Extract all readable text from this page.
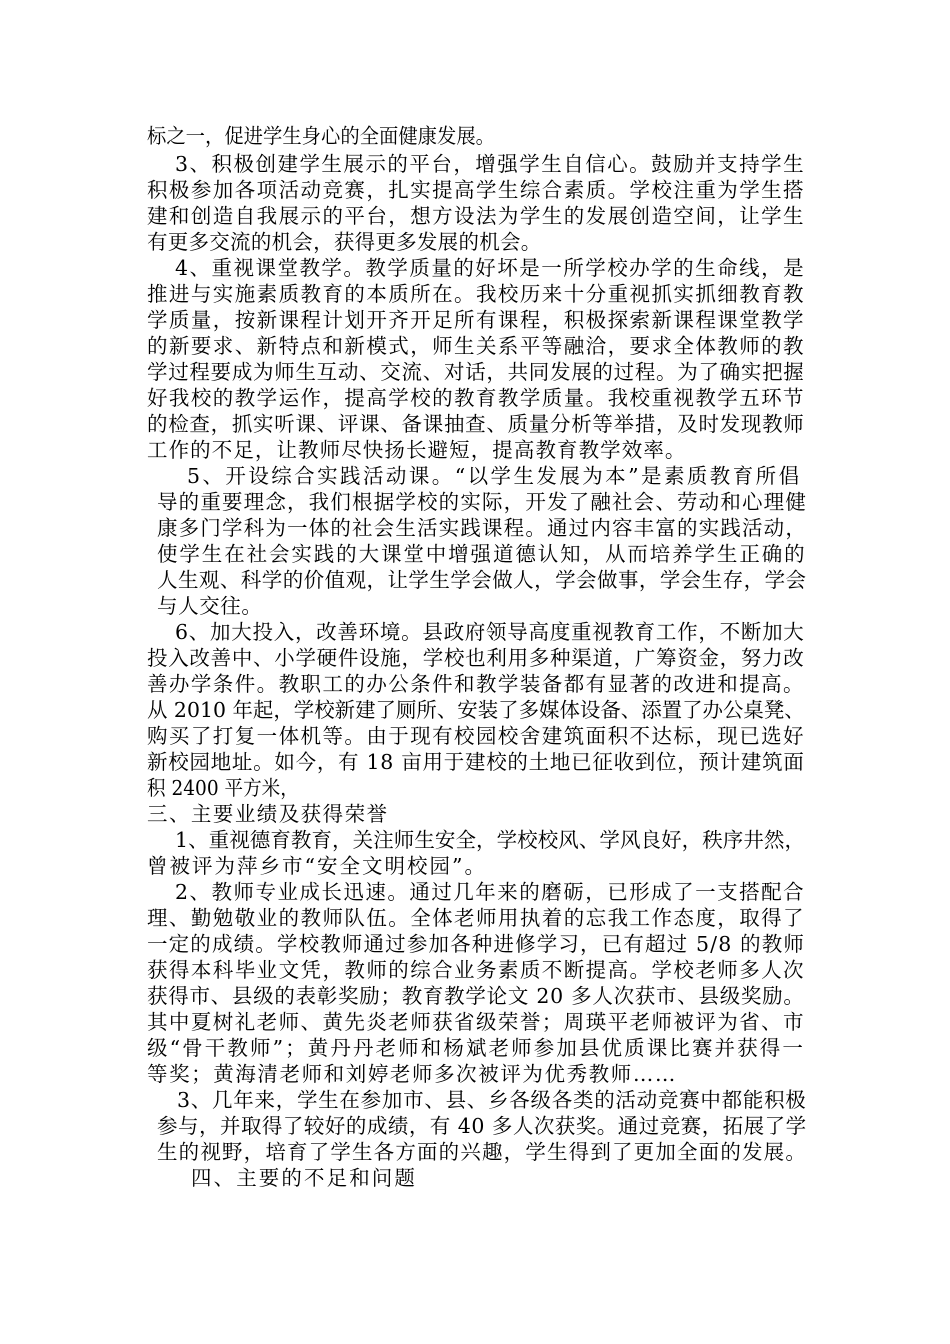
标之一，促进学生身心的全面健康发展。
3、积极创建学生展示的平台，增强学生自信心。鼓励并支持学生
积极参加各项活动竞赛，扎实提高学生综合素质。学校注重为学生搭
建和创造自我展示的平台，想方设法为学生的发展创造空间，让学生
有更多交流的机会，获得更多发展的机会。
4、重视课堂教学。教学质量的好坏是一所学校办学的生命线，是
推进与实施素质教育的本质所在。我校历来十分重视抓实抓细教育教
学质量，按新课程计划开齐开足所有课程，积极探索新课程课堂教学
的新要求、新特点和新模式，师生关系平等融洽，要求全体教师的教
学过程要成为师生互动、交流、对话，共同发展的过程。为了确实把握
好我校的教学运作，提高学校的教育教学质量。我校重视教学五环节
的检查，抓实听课、评课、备课抽查、质量分析等举措，及时发现教师
工作的不足，让教师尽快扬长避短，提高教育教学效率。
5、开设综合实践活动课。“以学生发展为本”是素质教育所倡
导的重要理念，我们根据学校的实际，开发了融社会、劳动和心理健
康多门学科为一体的社会生活实践课程。通过内容丰富的实践活动，
使学生在社会实践的大课堂中增强道德认知，从而培养学生正确的
人生观、科学的价值观，让学生学会做人，学会做事，学会生存，学会
与人交往。
6、加大投入，改善环境。县政府领导高度重视教育工作，不断加大
投入改善中、小学硬件设施，学校也利用多种渠道，广筹资金，努力改
善办学条件。教职工的办公条件和教学装备都有显著的改进和提高。
从 2010 年起，学校新建了厕所、安装了多媒体设备、添置了办公桌凳、
购买了打复一体机等。由于现有校园校舍建筑面积不达标，现已选好
新校园地址。如今，有 18 亩用于建校的土地已征收到位，预计建筑面
积 2400 平方米，
三、主要业绩及获得荣誉
1、重视德育教育，关注师生安全，学校校风、学风良好，秩序井然，
曾被评为萍乡市“安全文明校园”。
2、教师专业成长迅速。通过几年来的磨砺，已形成了一支搭配合
理、勤勉敬业的教师队伍。全体老师用执着的忘我工作态度，取得了
一定的成绩。学校教师通过参加各种进修学习，已有超过 5/8 的教师
获得本科毕业文凭，教师的综合业务素质不断提高。学校老师多人次
获得市、县级的表彰奖励；教育教学论文 20 多人次获市、县级奖励。
其中夏树礼老师、黄先炎老师获省级荣誉；周瑛平老师被评为省、市
级“骨干教师”；黄丹丹老师和杨斌老师参加县优质课比赛并获得一
等奖；黄海清老师和刘婷老师多次被评为优秀教师……
3、几年来，学生在参加市、县、乡各级各类的活动竞赛中都能积极
参与，并取得了较好的成绩，有 40 多人次获奖。通过竞赛，拓展了学
生的视野，培育了学生各方面的兴趣，学生得到了更加全面的发展。
四、主要的不足和问题
